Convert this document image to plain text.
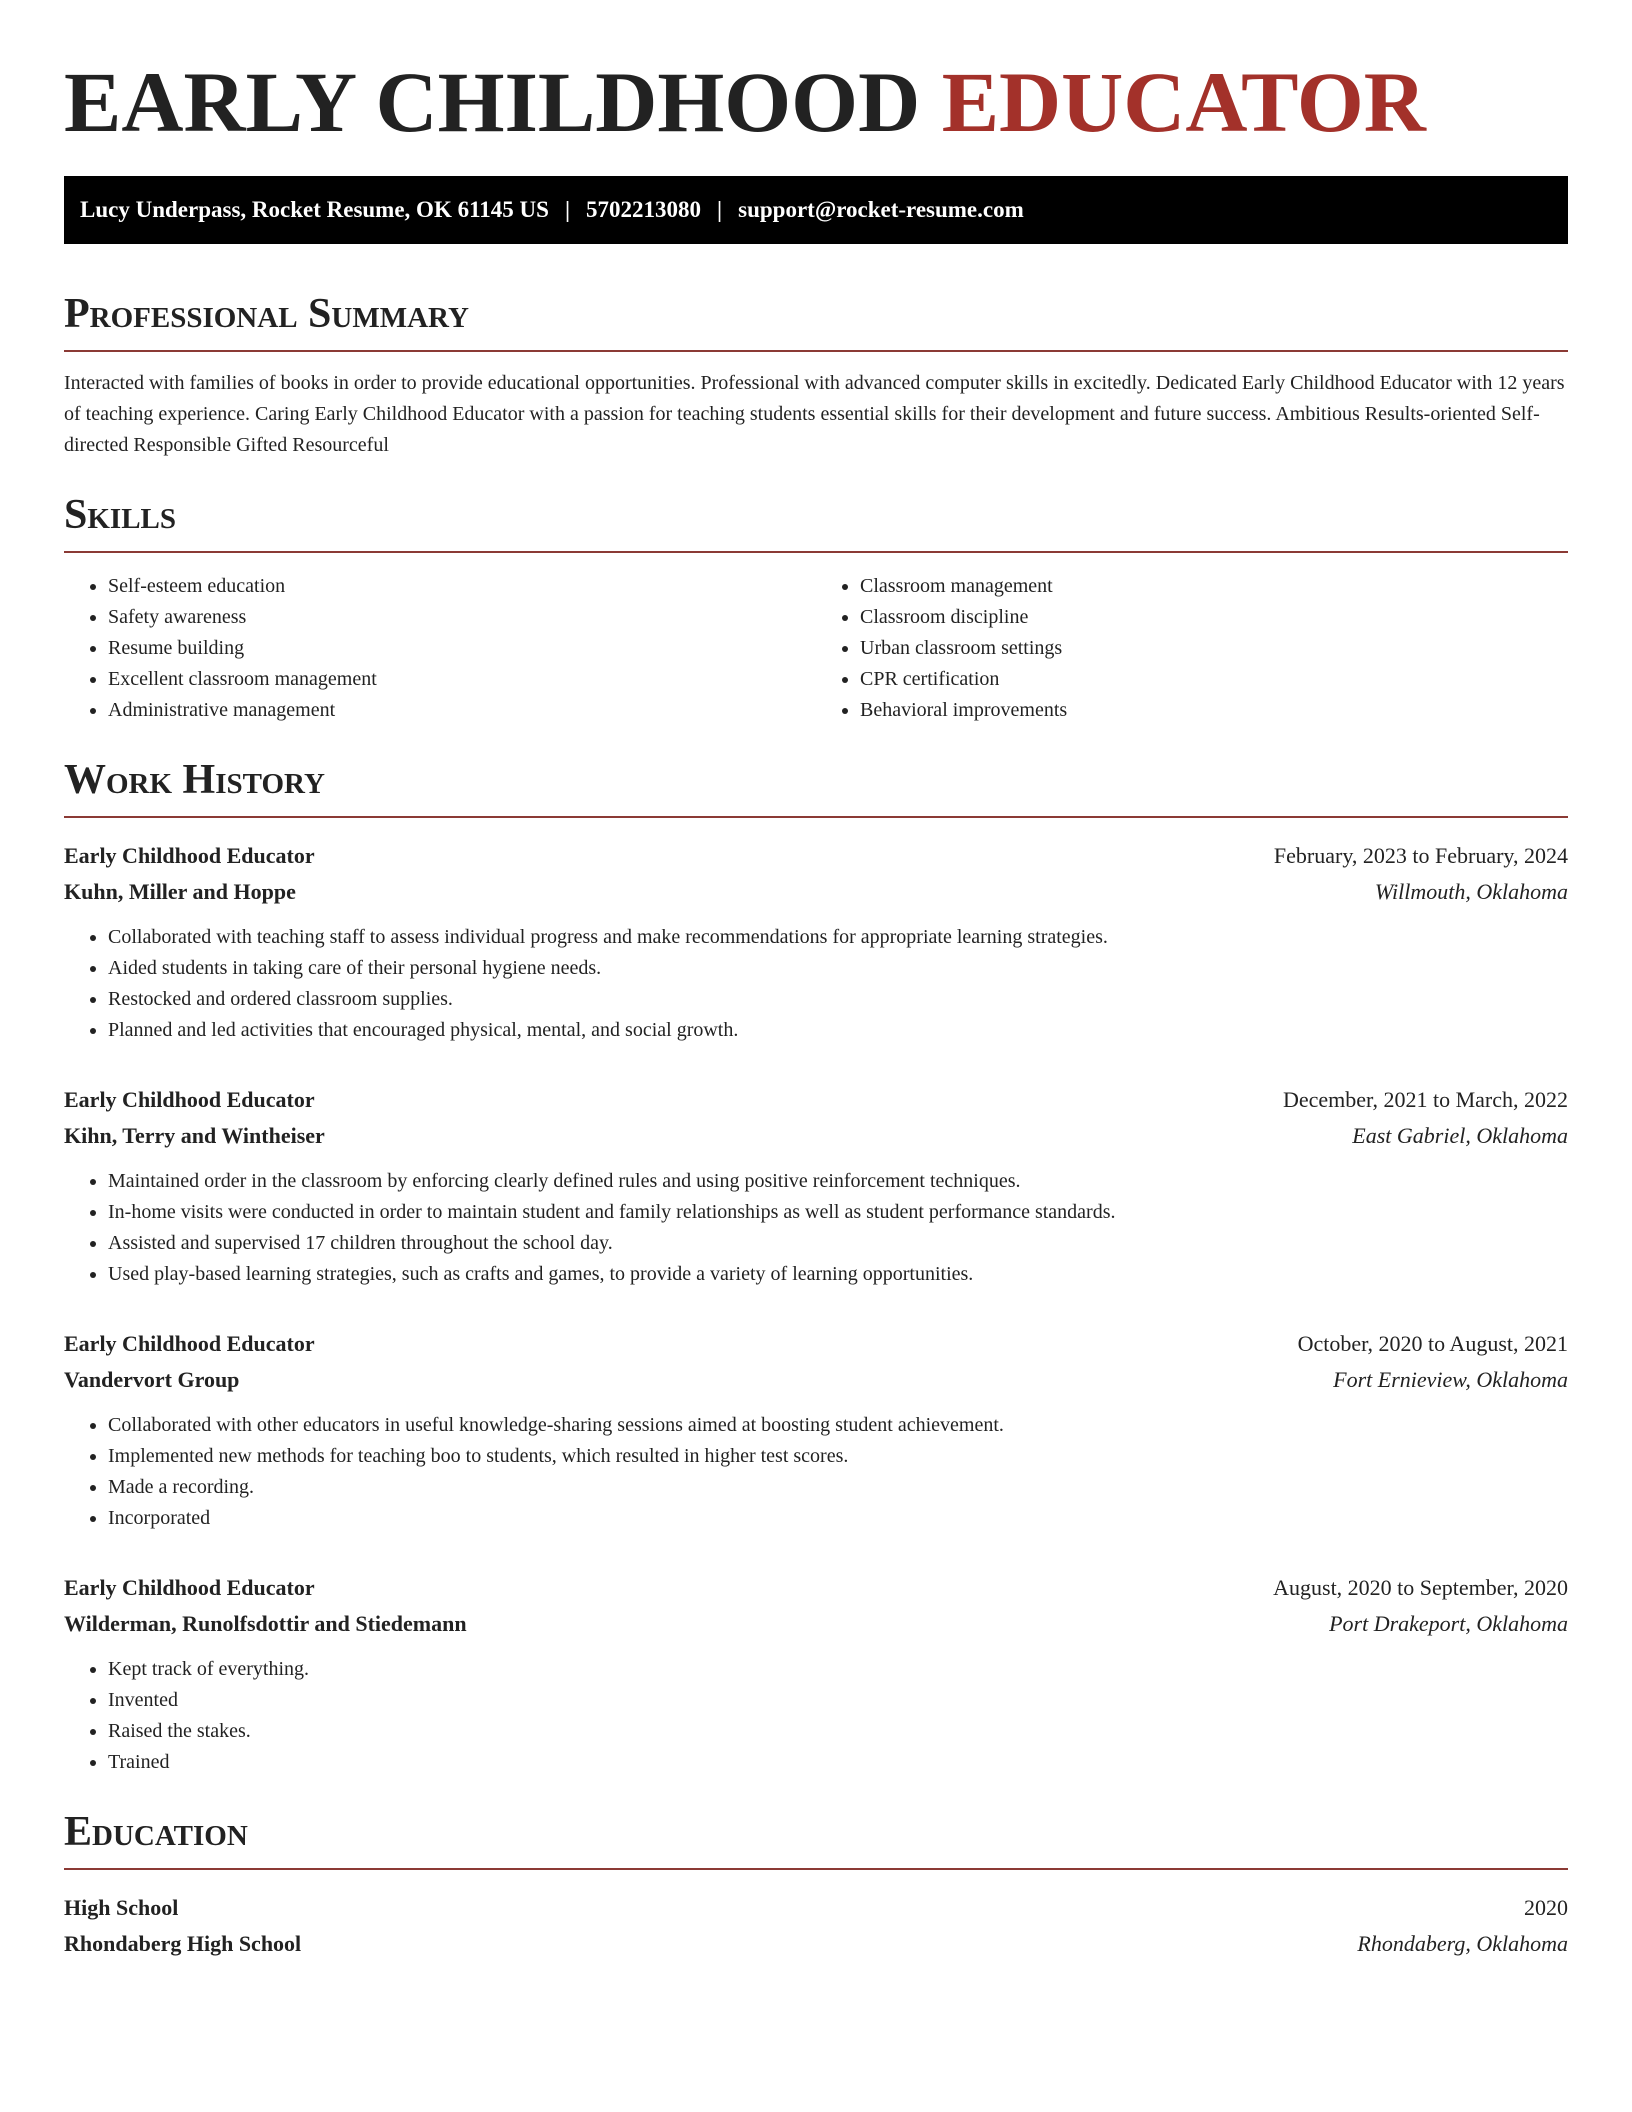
EARLY CHILDHOOD EDUCATOR
Lucy Underpass, Rocket Resume, OK 61145 US | 5702213080 | support@rocket-resume.com
Professional Summary
Interacted with families of books in order to provide educational opportunities. Professional with advanced computer skills in excitedly. Dedicated Early Childhood Educator with 12 years of teaching experience. Caring Early Childhood Educator with a passion for teaching students essential skills for their development and future success. Ambitious Results-oriented Self-directed Responsible Gifted Resourceful
Skills
• Self-esteem education
• Safety awareness
• Resume building
• Excellent classroom management
• Administrative management
• Classroom management
• Classroom discipline
• Urban classroom settings
• CPR certification
• Behavioral improvements
Work History
Early Childhood Educator	February, 2023 to February, 2024
Kuhn, Miller and Hoppe	Willmouth, Oklahoma
• Collaborated with teaching staff to assess individual progress and make recommendations for appropriate learning strategies.
• Aided students in taking care of their personal hygiene needs.
• Restocked and ordered classroom supplies.
• Planned and led activities that encouraged physical, mental, and social growth.
Early Childhood Educator	December, 2021 to March, 2022
Kihn, Terry and Wintheiser	East Gabriel, Oklahoma
• Maintained order in the classroom by enforcing clearly defined rules and using positive reinforcement techniques.
• In-home visits were conducted in order to maintain student and family relationships as well as student performance standards.
• Assisted and supervised 17 children throughout the school day.
• Used play-based learning strategies, such as crafts and games, to provide a variety of learning opportunities.
Early Childhood Educator	October, 2020 to August, 2021
Vandervort Group	Fort Ernieview, Oklahoma
• Collaborated with other educators in useful knowledge-sharing sessions aimed at boosting student achievement.
• Implemented new methods for teaching boo to students, which resulted in higher test scores.
• Made a recording.
• Incorporated
Early Childhood Educator	August, 2020 to September, 2020
Wilderman, Runolfsdottir and Stiedemann	Port Drakeport, Oklahoma
• Kept track of everything.
• Invented
• Raised the stakes.
• Trained
Education
High School	2020
Rhondaberg High School	Rhondaberg, Oklahoma
